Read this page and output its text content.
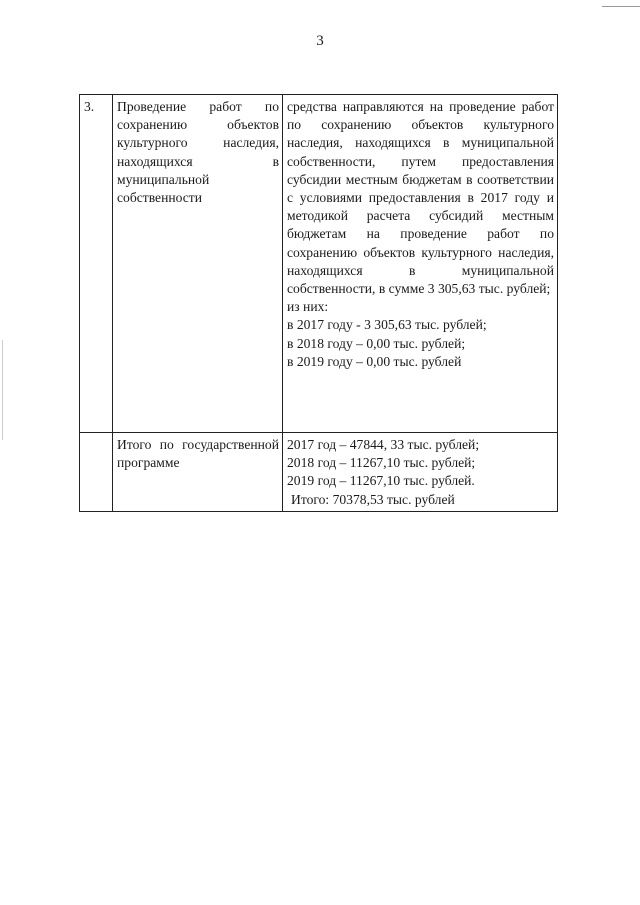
3
3.	Проведение работ по сохранению объектов культурного наследия, находящихся в муниципальной собственности	средства направляются на проведение работ по сохранению объектов культурного наследия, находящихся в муниципальной собственности, путем предоставления субсидии местным бюджетам в соответствии с условиями предоставления в 2017 году и методикой расчета субсидий местным бюджетам на проведение работ по сохранению объектов культурного наследия, находящихся в муниципальной собственности, в сумме 3 305,63 тыс. рублей;
из них:
в 2017 году - 3 305,63 тыс. рублей;
в 2018 году – 0,00 тыс. рублей;
в 2019 году – 0,00 тыс. рублей

	Итого по государственной программе	2017 год – 47844, 33 тыс. рублей;
2018 год – 11267,10 тыс. рублей;
2019 год – 11267,10 тыс. рублей.
Итого: 70378,53 тыс. рублей
